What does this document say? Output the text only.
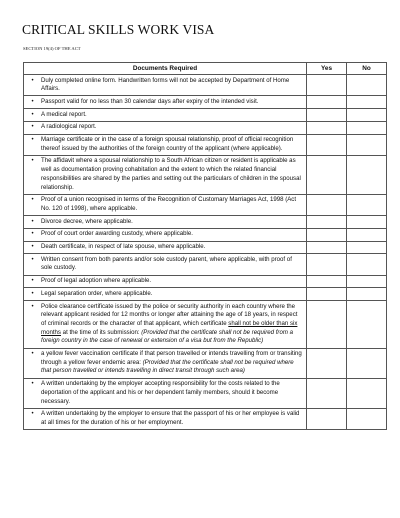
CRITICAL SKILLS WORK VISA
SECTION 19(4) OF THE ACT
Documents Required	Yes	No

• Duly completed online form. Handwritten forms will not be accepted by Department of Home Affairs.		

• Passport valid for no less than 30 calendar days after expiry of the intended visit.		

• A medical report.		

• A radiological report.		

• Marriage certificate or in the case of a foreign spousal relationship, proof of official recognition thereof issued by the authorities of the foreign country of the applicant (where applicable).		

• The affidavit where a spousal relationship to a South African citizen or resident is applicable as well as documentation proving cohabitation and the extent to which the related financial responsibilities are shared by the parties and setting out the particulars of children in the spousal relationship.		

• Proof of a union recognised in terms of the Recognition of Customary Marriages Act, 1998 (Act No. 120 of 1998), where applicable.		

• Divorce decree, where applicable.		

• Proof of court order awarding custody, where applicable.		

• Death certificate, in respect of late spouse, where applicable.		

• Written consent from both parents and/or sole custody parent, where applicable, with proof of sole custody.		

• Proof of legal adoption where applicable.		

• Legal separation order, where applicable.		

• Police clearance certificate issued by the police or security authority in each country where the relevant applicant resided for 12 months or longer after attaining the age of 18 years, in respect of criminal records or the character of that applicant, which certificate shall not be older than six months at the time of its submission: (Provided that the certificate shall not be required from a foreign country in the case of renewal or extension of a visa but from the Republic)		

• a yellow fever vaccination certificate if that person travelled or intends travelling from or transiting through a yellow fever endemic area: (Provided that the certificate shall not be required where that person travelled or intends travelling in direct transit through such area)		

• A written undertaking by the employer accepting responsibility for the costs related to the deportation of the applicant and his or her dependent family members, should it become necessary.		

• A written undertaking by the employer to ensure that the passport of his or her employee is valid at all times for the duration of his or her employment.		
